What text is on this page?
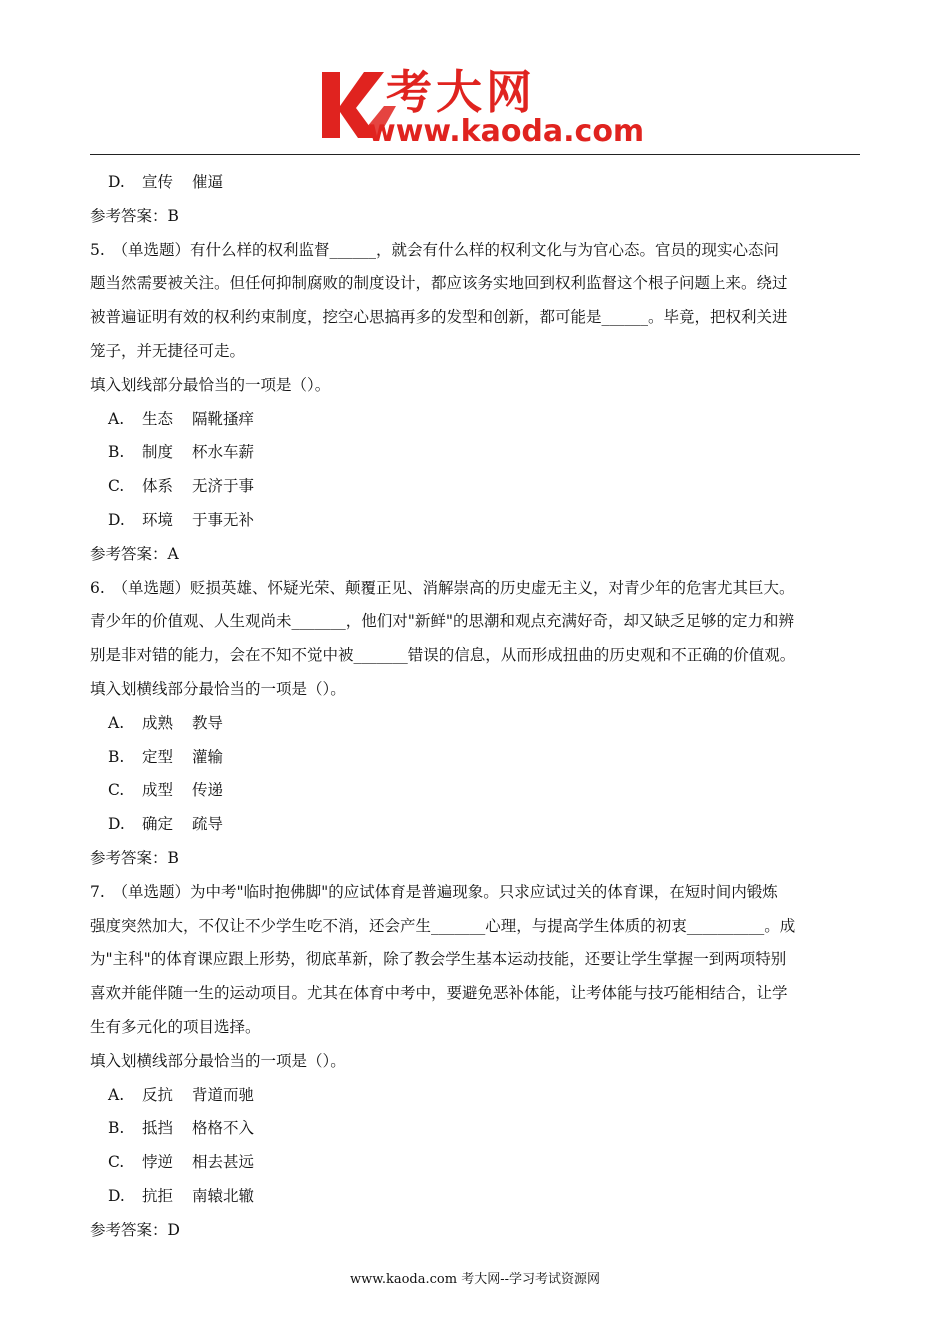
考大网
www.kaoda.com
D. 宣传 催逼
参考答案：B
5.　（单选题）有什么样的权利监督______，就会有什么样的权利文化与为官心态。官员的现实心态问
题当然需要被关注。但任何抑制腐败的制度设计，都应该务实地回到权利监督这个根子问题上来。绕过
被普遍证明有效的权利约束制度，挖空心思搞再多的发型和创新，都可能是______。毕竟，把权利关进
笼子，并无捷径可走。
填入划线部分最恰当的一项是（）。
A. 生态 隔靴搔痒
B. 制度 杯水车薪
C. 体系 无济于事
D. 环境 于事无补
参考答案：A
6.　（单选题）贬损英雄、怀疑光荣、颠覆正见、消解崇高的历史虚无主义，对青少年的危害尤其巨大。
青少年的价值观、人生观尚未_______，他们对"新鲜"的思潮和观点充满好奇，却又缺乏足够的定力和辨
别是非对错的能力，会在不知不觉中被_______错误的信息，从而形成扭曲的历史观和不正确的价值观。
填入划横线部分最恰当的一项是（）。
A. 成熟 教导
B. 定型 灌输
C. 成型 传递
D. 确定 疏导
参考答案：B
7.　（单选题）为中考"临时抱佛脚"的应试体育是普遍现象。只求应试过关的体育课，在短时间内锻炼
强度突然加大，不仅让不少学生吃不消，还会产生_______心理，与提高学生体质的初衷__________。成
为"主科"的体育课应跟上形势，彻底革新，除了教会学生基本运动技能，还要让学生掌握一到两项特别
喜欢并能伴随一生的运动项目。尤其在体育中考中，要避免恶补体能，让考体能与技巧能相结合，让学
生有多元化的项目选择。
填入划横线部分最恰当的一项是（）。
A. 反抗 背道而驰
B. 抵挡 格格不入
C. 悖逆 相去甚远
D. 抗拒 南辕北辙
参考答案：D
www.kaoda.com 考大网--学习考试资源网
